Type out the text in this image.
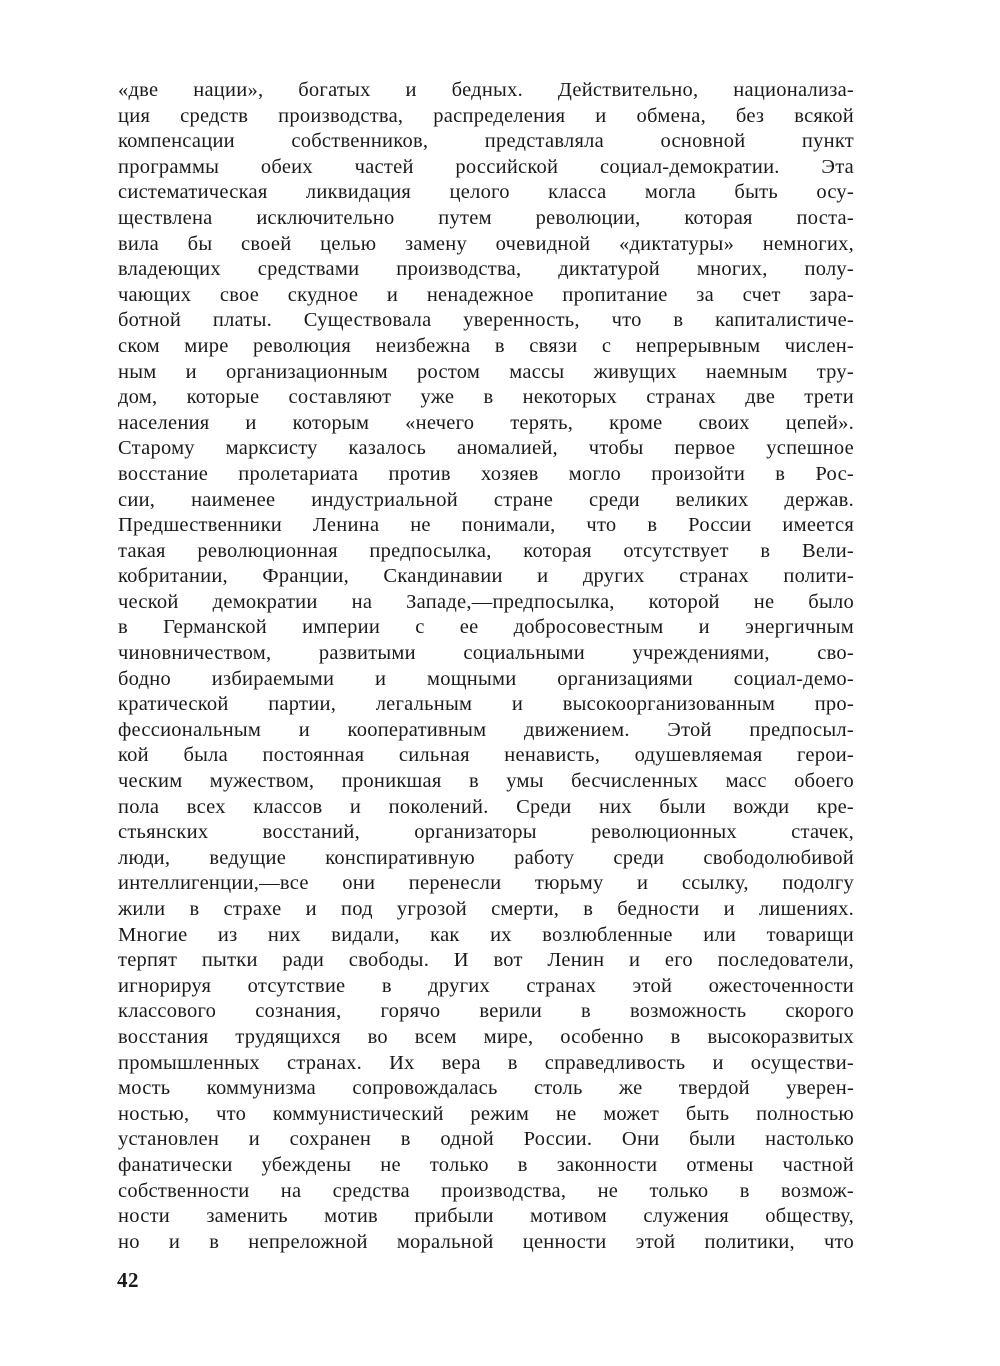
«две нации», богатых и бедных. Действительно, национализа-
ция средств производства, распределения и обмена, без всякой
компенсации собственников, представляла основной пункт
программы обеих частей российской социал-демократии. Эта
систематическая ликвидация целого класса могла быть осу-
ществлена исключительно путем революции, которая поста-
вила бы своей целью замену очевидной «диктатуры» немногих,
владеющих средствами производства, диктатурой многих, полу-
чающих свое скудное и ненадежное пропитание за счет зара-
ботной платы. Существовала уверенность, что в капиталистиче-
ском мире революция неизбежна в связи с непрерывным числен-
ным и организационным ростом массы живущих наемным тру-
дом, которые составляют уже в некоторых странах две трети
населения и которым «нечего терять, кроме своих цепей».
Старому марксисту казалось аномалией, чтобы первое успешное
восстание пролетариата против хозяев могло произойти в Рос-
сии, наименее индустриальной стране среди великих держав.
Предшественники Ленина не понимали, что в России имеется
такая революционная предпосылка, которая отсутствует в Вели-
кобритании, Франции, Скандинавии и других странах полити-
ческой демократии на Западе,—предпосылка, которой не было
в Германской империи с ее добросовестным и энергичным
чиновничеством, развитыми социальными учреждениями, сво-
бодно избираемыми и мощными организациями социал-демо-
кратической партии, легальным и высокоорганизованным про-
фессиональным и кооперативным движением. Этой предпосыл-
кой была постоянная сильная ненависть, одушевляемая герои-
ческим мужеством, проникшая в умы бесчисленных масс обоего
пола всех классов и поколений. Среди них были вожди кре-
стьянских восстаний, организаторы революционных стачек,
люди, ведущие конспиративную работу среди свободолюбивой
интеллигенции,—все они перенесли тюрьму и ссылку, подолгу
жили в страхе и под угрозой смерти, в бедности и лишениях.
Многие из них видали, как их возлюбленные или товарищи
терпят пытки ради свободы. И вот Ленин и его последователи,
игнорируя отсутствие в других странах этой ожесточенности
классового сознания, горячо верили в возможность скорого
восстания трудящихся во всем мире, особенно в высокоразвитых
промышленных странах. Их вера в справедливость и осуществи-
мость коммунизма сопровождалась столь же твердой уверен-
ностью, что коммунистический режим не может быть полностью
установлен и сохранен в одной России. Они были настолько
фанатически убеждены не только в законности отмены частной
собственности на средства производства, не только в возмож-
ности заменить мотив прибыли мотивом служения обществу,
но и в непреложной моральной ценности этой политики, что
42
